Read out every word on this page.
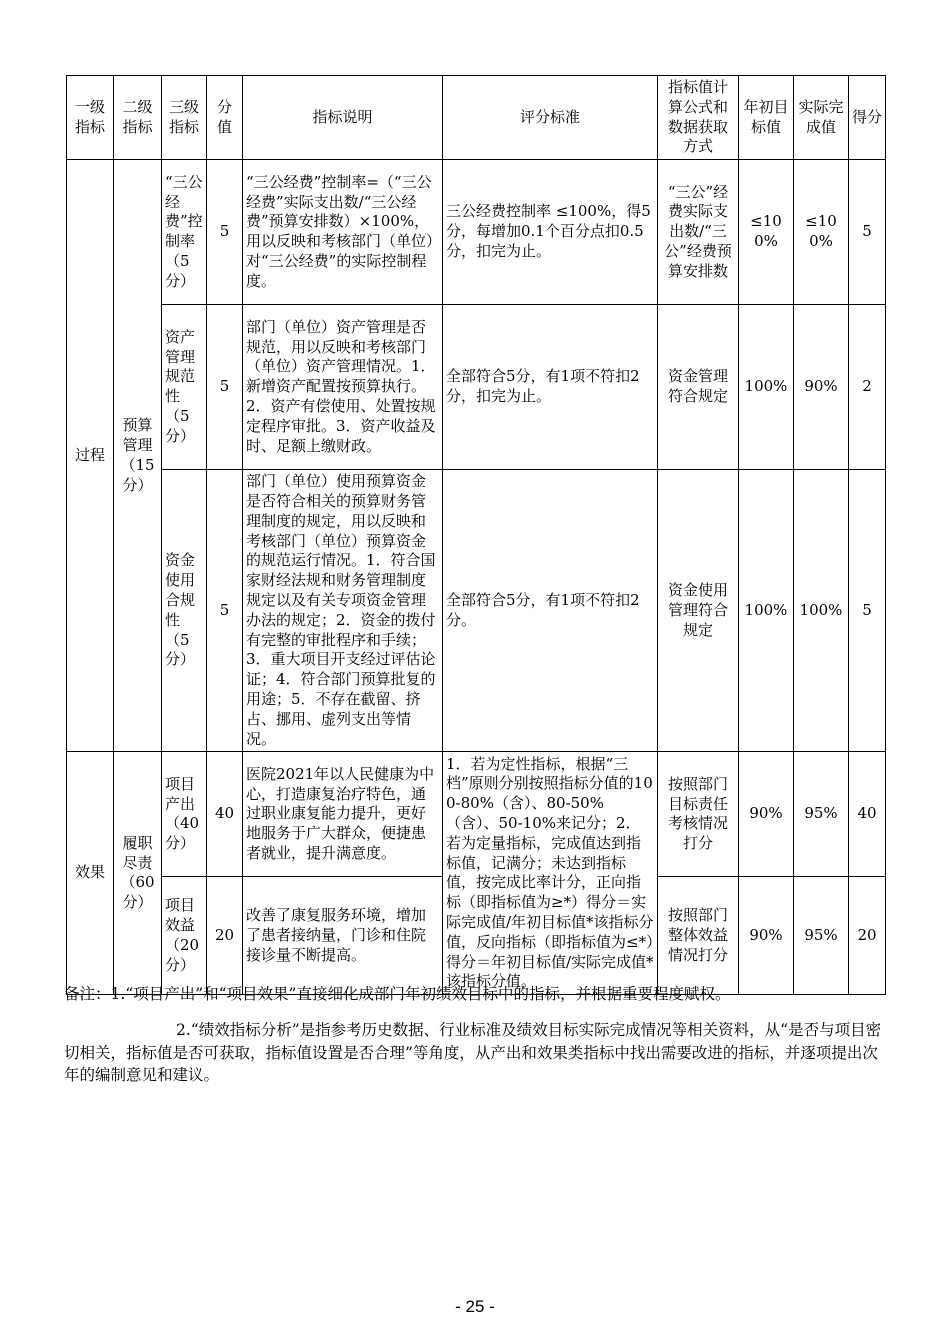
一级指标	二级指标	三级指标	分值	指标说明	评分标准	指标值计算公式和数据获取方式	年初目标值	实际完成值	得分
过程	预算管理（15分）	“三公经费”控制率（5分）	5	“三公经费”控制率=（“三公经费”实际支出数/“三公经费”预算安排数）×100%，用以反映和考核部门（单位）对“三公经费”的实际控制程度。	三公经费控制率 ≤100%，得5分，每增加0.1个百分点扣0.5分，扣完为止。	“三公”经费实际支出数/“三公”经费预算安排数	≤100%	≤100%	5
		资产管理规范性（5分）	5	部门（单位）资产管理是否规范，用以反映和考核部门（单位）资产管理情况。1．新增资产配置按预算执行。2．资产有偿使用、处置按规定程序审批。3．资产收益及时、足额上缴财政。	全部符合5分，有1项不符扣2分，扣完为止。	资金管理符合规定	100%	90%	2
		资金使用合规性（5分）	5	部门（单位）使用预算资金是否符合相关的预算财务管理制度的规定，用以反映和考核部门（单位）预算资金的规范运行情况。1．符合国家财经法规和财务管理制度规定以及有关专项资金管理办法的规定；2．资金的拨付有完整的审批程序和手续；3．重大项目开支经过评估论证；4．符合部门预算批复的用途；5．不存在截留、挤占、挪用、虚列支出等情况。	全部符合5分，有1项不符扣2分。	资金使用管理符合规定	100%	100%	5
效果	履职尽责（60分）	项目产出（40分）	40	医院2021年以人民健康为中心，打造康复治疗特色，通过职业康复能力提升，更好地服务于广大群众，便捷患者就业，提升满意度。	1．若为定性指标，根据“三档”原则分别按照指标分值的100-80%（含）、80-50%（含）、50-10%来记分；2．若为定量指标，完成值达到指标值，记满分；未达到指标值，按完成比率计分，正向指标（即指标值为≥*）得分＝实际完成值/年初目标值*该指标分值，反向指标（即指标值为≤*）得分＝年初目标值/实际完成值*该指标分值。	按照部门目标责任考核情况打分	90%	95%	40
		项目效益（20分）	20	改善了康复服务环境，增加了患者接纳量，门诊和住院接诊量不断提高。		按照部门整体效益情况打分	90%	95%	20

备注：1.“项目产出”和“项目效果”直接细化成部门年初绩效目标中的指标，并根据重要程度赋权。

2.“绩效指标分析”是指参考历史数据、行业标准及绩效目标实际完成情况等相关资料，从“是否与项目密切相关，指标值是否可获取，指标值设置是否合理”等角度，从产出和效果类指标中找出需要改进的指标，并逐项提出次年的编制意见和建议。

- 25 -
